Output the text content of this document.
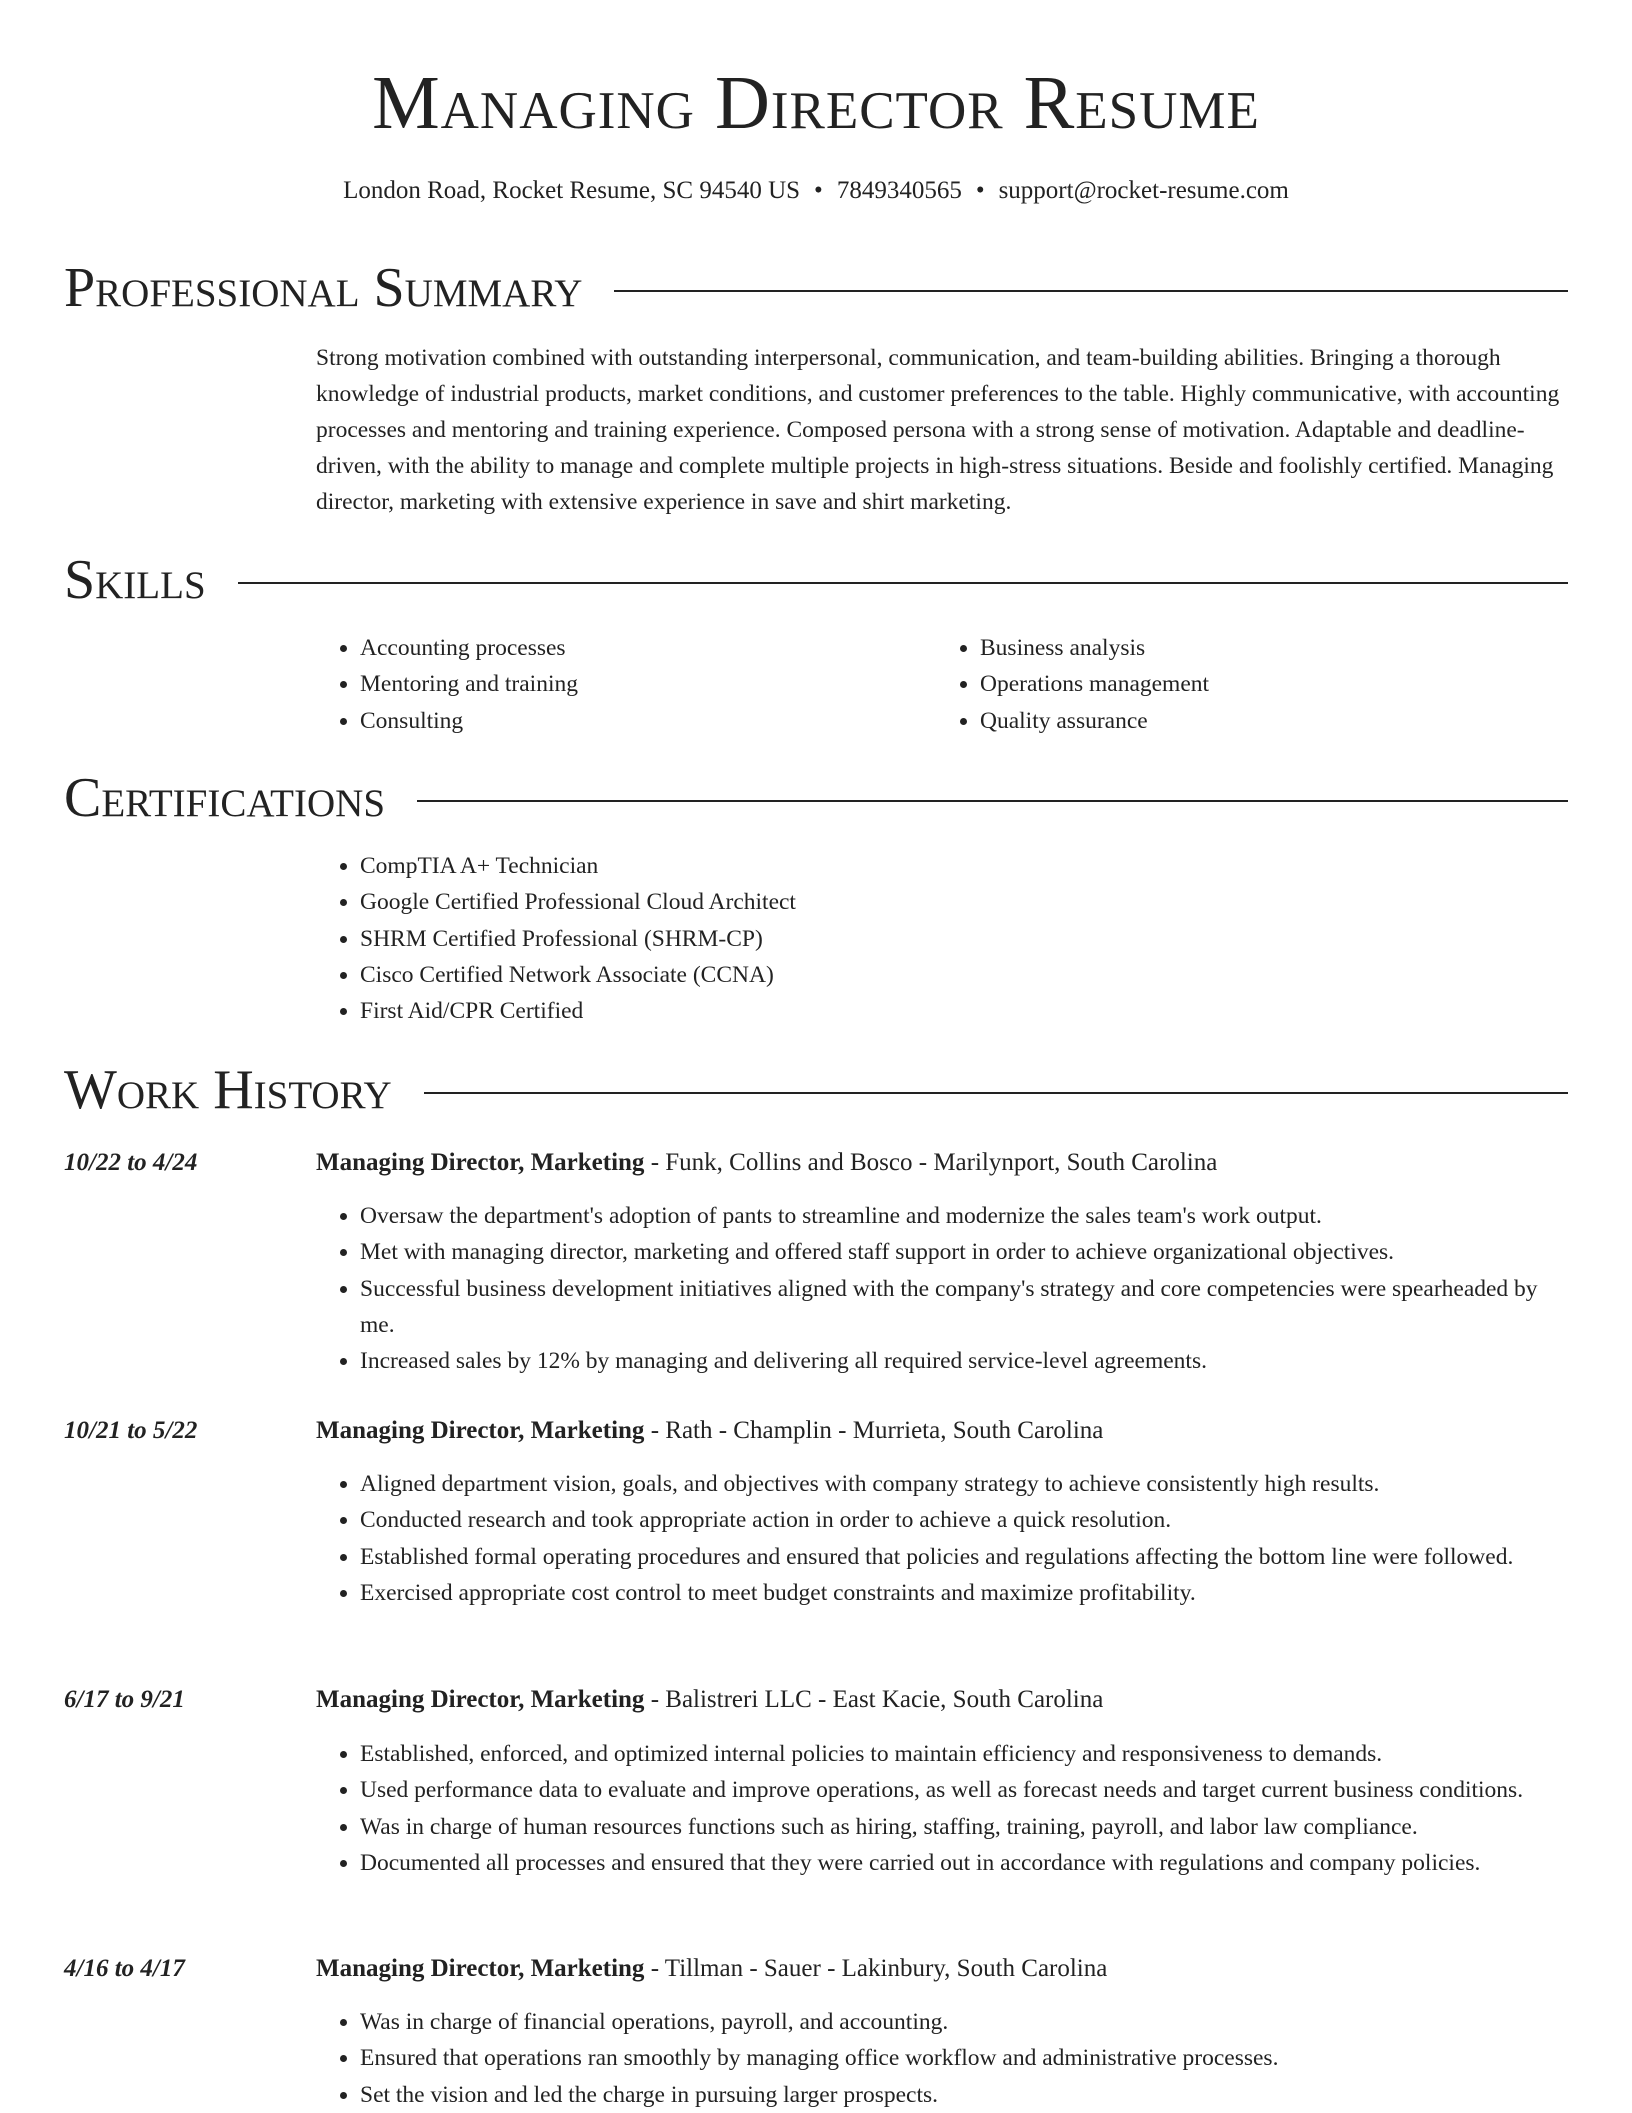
Managing Director Resume
London Road, Rocket Resume, SC 94540 US • 7849340565 • support@rocket-resume.com
Professional Summary

Strong motivation combined with outstanding interpersonal, communication, and team-building abilities. Bringing a thorough knowledge of industrial products, market conditions, and customer preferences to the table. Highly communicative, with accounting processes and mentoring and training experience. Composed persona with a strong sense of motivation. Adaptable and deadline-driven, with the ability to manage and complete multiple projects in high-stress situations. Beside and foolishly certified. Managing director, marketing with extensive experience in save and shirt marketing.

Skills
• Accounting processes
• Mentoring and training
• Consulting
• Business analysis
• Operations management
• Quality assurance
Certifications
• CompTIA A+ Technician
• Google Certified Professional Cloud Architect
• SHRM Certified Professional (SHRM-CP)
• Cisco Certified Network Associate (CCNA)
• First Aid/CPR Certified
Work History
10/22 to 4/24	Managing Director, Marketing - Funk, Collins and Bosco - Marilynport, South Carolina
• Oversaw the department's adoption of pants to streamline and modernize the sales team's work output.
• Met with managing director, marketing and offered staff support in order to achieve organizational objectives.
• Successful business development initiatives aligned with the company's strategy and core competencies were spearheaded by me.
• Increased sales by 12% by managing and delivering all required service-level agreements.
10/21 to 5/22	Managing Director, Marketing - Rath - Champlin - Murrieta, South Carolina
• Aligned department vision, goals, and objectives with company strategy to achieve consistently high results.
• Conducted research and took appropriate action in order to achieve a quick resolution.
• Established formal operating procedures and ensured that policies and regulations affecting the bottom line were followed.
• Exercised appropriate cost control to meet budget constraints and maximize profitability.
6/17 to 9/21	Managing Director, Marketing - Balistreri LLC - East Kacie, South Carolina
• Established, enforced, and optimized internal policies to maintain efficiency and responsiveness to demands.
• Used performance data to evaluate and improve operations, as well as forecast needs and target current business conditions.
• Was in charge of human resources functions such as hiring, staffing, training, payroll, and labor law compliance.
• Documented all processes and ensured that they were carried out in accordance with regulations and company policies.
4/16 to 4/17	Managing Director, Marketing - Tillman - Sauer - Lakinbury, South Carolina
• Was in charge of financial operations, payroll, and accounting.
• Ensured that operations ran smoothly by managing office workflow and administrative processes.
• Set the vision and led the charge in pursuing larger prospects.
